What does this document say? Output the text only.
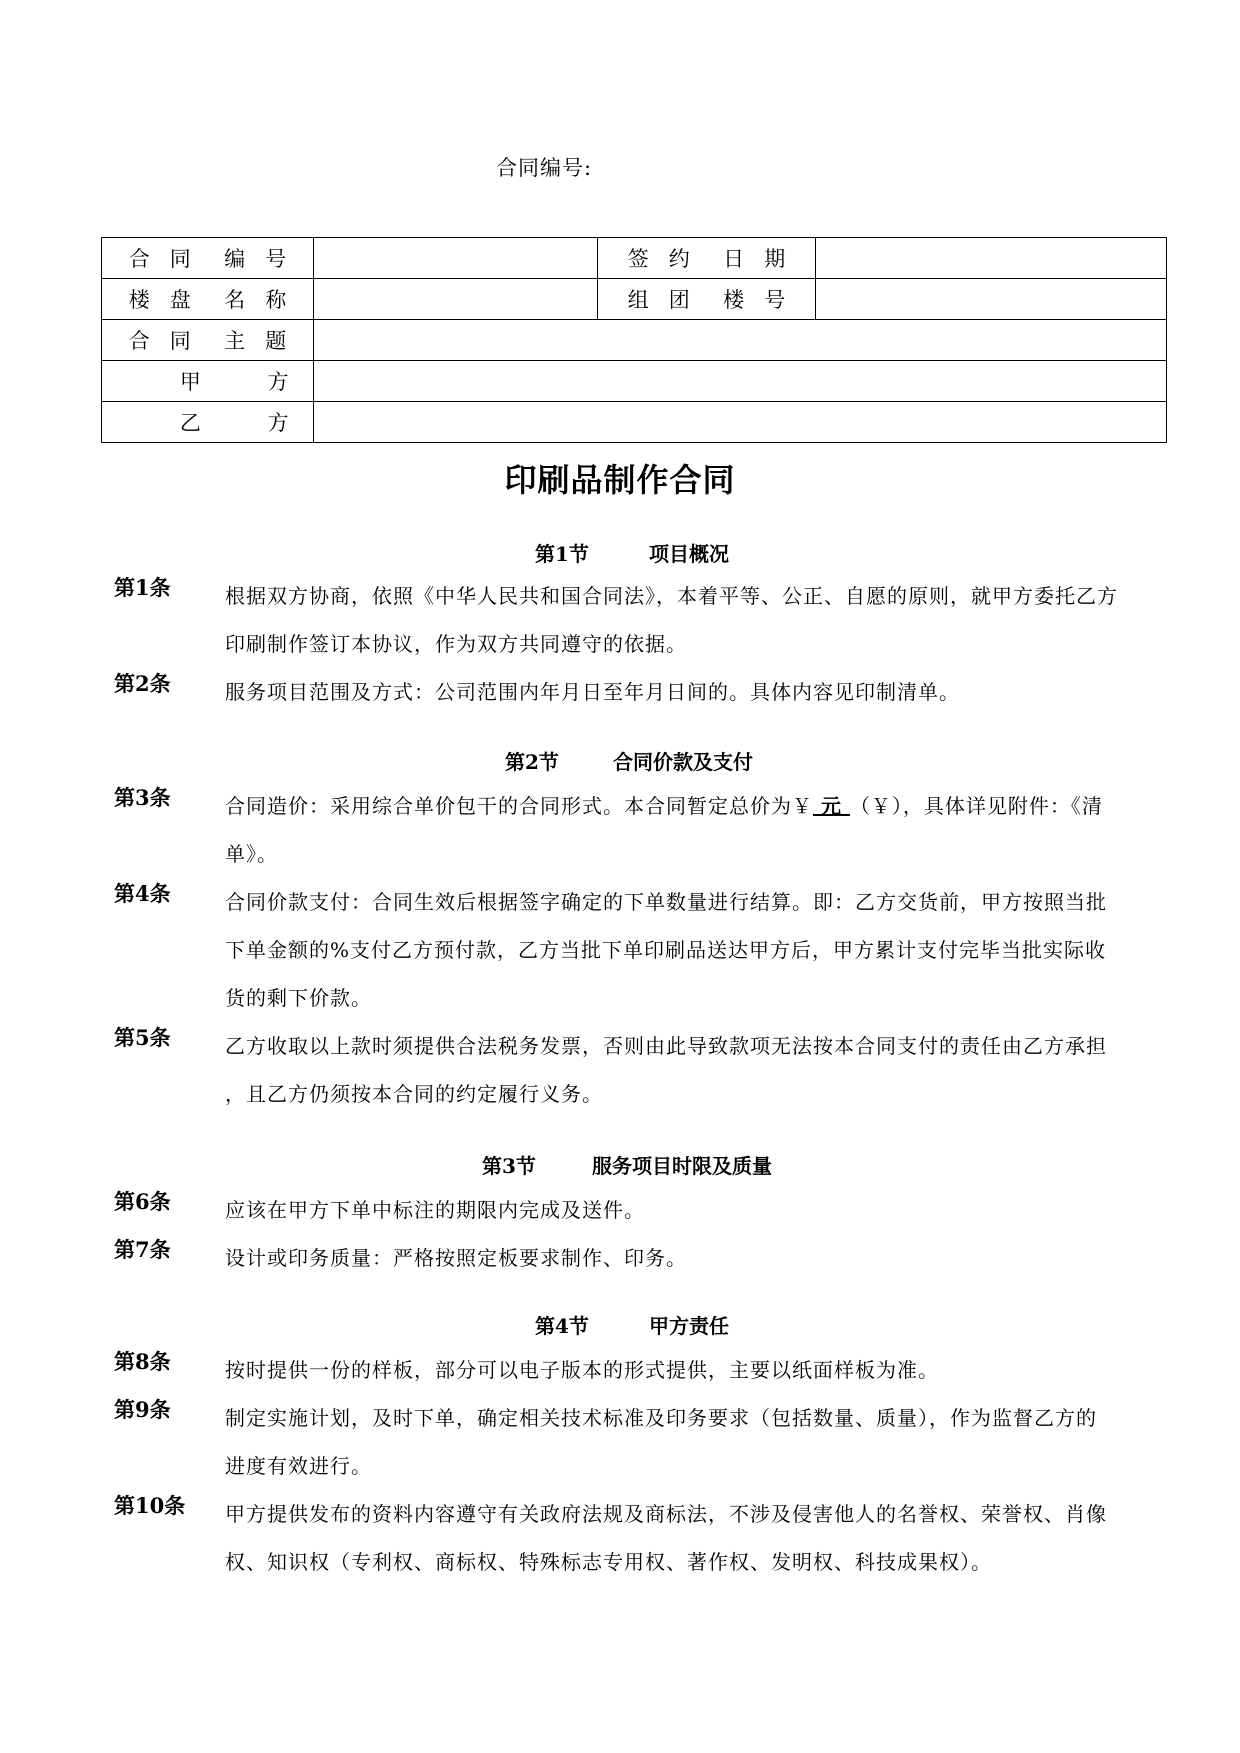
合同编号:
合   同     编   号		签   约     日   期	
楼   盘     名   称		组   团     楼   号	
合   同     主   题			
甲          方			
乙          方			
印刷品制作合同
第1节	项目概况
第1条	根据双方协商，依照《中华人民共和国合同法》，本着平等、公正、自愿的原则，就甲方委托乙方
印刷制作签订本协议，作为双方共同遵守的依据。
第2条	服务项目范围及方式：公司范围内年月日至年月日间的。具体内容见印制清单。
第2节	合同价款及支付
第3条	合同造价：采用综合单价包干的合同形式。本合同暂定总价为￥ 元 （￥），具体详见附件：《清
单》。
第4条	合同价款支付：合同生效后根据签字确定的下单数量进行结算。即：乙方交货前，甲方按照当批
下单金额的%支付乙方预付款，乙方当批下单印刷品送达甲方后，甲方累计支付完毕当批实际收
货的剩下价款。
第5条	乙方收取以上款时须提供合法税务发票，否则由此导致款项无法按本合同支付的责任由乙方承担
，且乙方仍须按本合同的约定履行义务。
第3节	服务项目时限及质量
第6条	应该在甲方下单中标注的期限内完成及送件。
第7条	设计或印务质量：严格按照定板要求制作、印务。
第4节	甲方责任
第8条	按时提供一份的样板，部分可以电子版本的形式提供，主要以纸面样板为准。
第9条	制定实施计划，及时下单，确定相关技术标准及印务要求（包括数量、质量），作为监督乙方的
进度有效进行。
第10条 甲方提供发布的资料内容遵守有关政府法规及商标法，不涉及侵害他人的名誉权、荣誉权、肖像
权、知识权（专利权、商标权、特殊标志专用权、著作权、发明权、科技成果权）。
